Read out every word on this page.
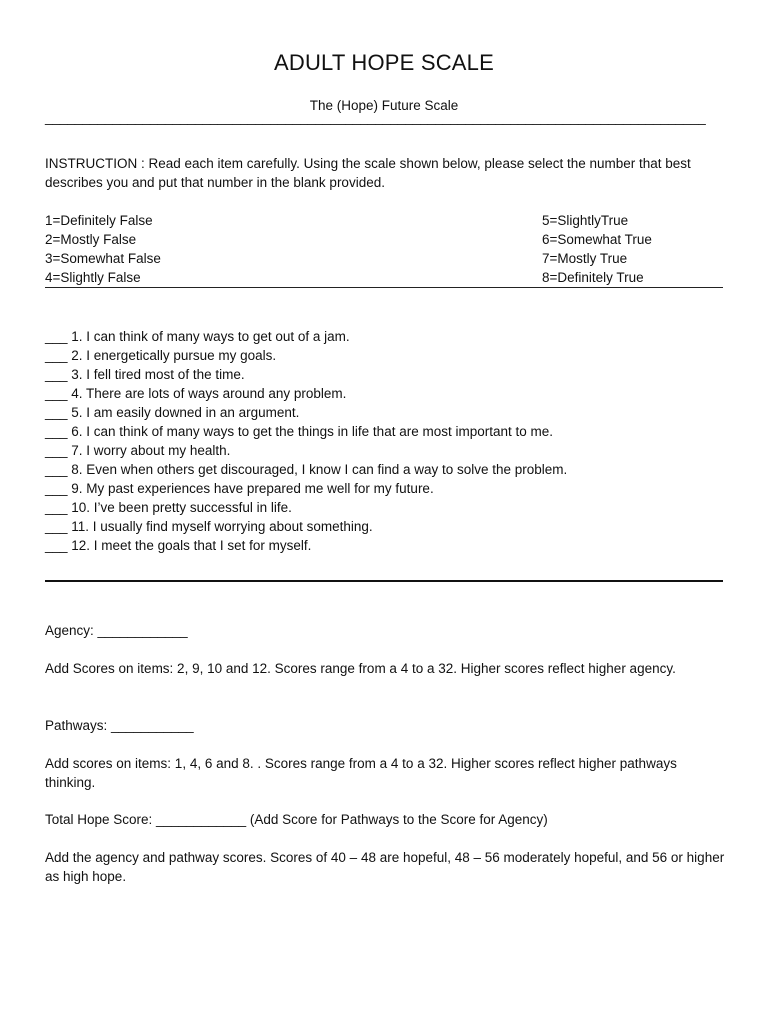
ADULT HOPE SCALE
The (Hope) Future Scale
________________________________________________________________________________________
INSTRUCTION : Read each item carefully. Using the scale shown below, please select the number that best describes you and put that number in the blank provided.
1=Definitely False
2=Mostly False
3=Somewhat False
4=Slightly False
5=SlightlyTrue
6=Somewhat True
7=Mostly True
8=Definitely True
___ 1. I can think of many ways to get out of a jam.
___ 2. I energetically pursue my goals.
___ 3. I fell tired most of the time.
___ 4. There are lots of ways around any problem.
___ 5. I am easily downed in an argument.
___ 6. I can think of many ways to get the things in life that are most important to me.
___ 7. I worry about my health.
___ 8. Even when others get discouraged, I know I can find a way to solve the problem.
___ 9. My past experiences have prepared me well for my future.
___ 10. I’ve been pretty successful in life.
___ 11. I usually find myself worrying about something.
___ 12. I meet the goals that I set for myself.
Agency: ____________
Add Scores on items: 2, 9, 10 and 12. Scores range from a 4 to a 32. Higher scores reflect higher agency.
Pathways: ___________
Add scores on items: 1, 4, 6 and 8. . Scores range from a 4 to a 32. Higher scores reflect higher pathways thinking.
Total Hope Score: ____________ (Add Score for Pathways to the Score for Agency)
Add the agency and pathway scores. Scores of 40 – 48 are hopeful, 48 – 56 moderately hopeful, and 56 or higher as high hope.
